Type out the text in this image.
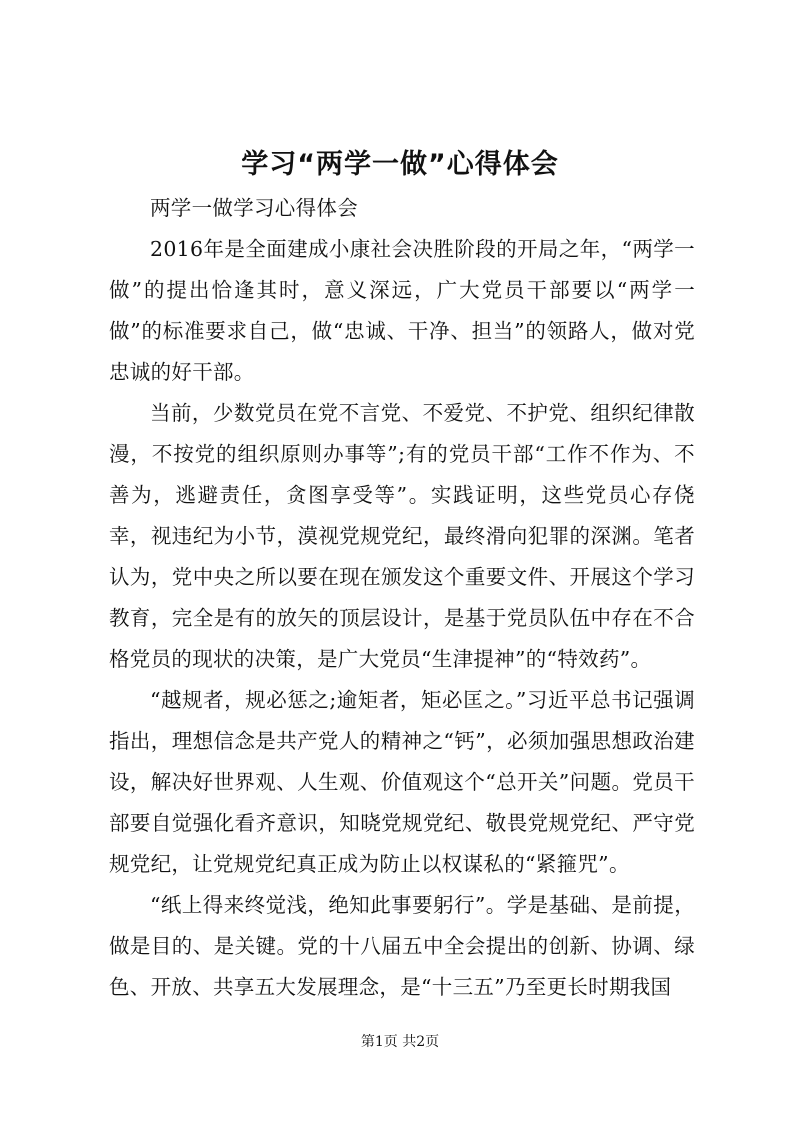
学习“两学一做”心得体会

两学一做学习心得体会

2016年是全面建成小康社会决胜阶段的开局之年，“两学一做”的提出恰逢其时，意义深远，广大党员干部要以“两学一做”的标准要求自己，做“忠诚、干净、担当”的领路人，做对党忠诚的好干部。

当前，少数党员在党不言党、不爱党、不护党、组织纪律散漫，不按党的组织原则办事等”;有的党员干部“工作不作为、不善为，逃避责任，贪图享受等”。实践证明，这些党员心存侥幸，视违纪为小节，漠视党规党纪，最终滑向犯罪的深渊。笔者认为，党中央之所以要在现在颁发这个重要文件、开展这个学习教育，完全是有的放矢的顶层设计，是基于党员队伍中存在不合格党员的现状的决策，是广大党员“生津提神”的“特效药”。

“越规者，规必惩之;逾矩者，矩必匡之。”习近平总书记强调指出，理想信念是共产党人的精神之“钙”，必须加强思想政治建设，解决好世界观、人生观、价值观这个“总开关”问题。党员干部要自觉强化看齐意识，知晓党规党纪、敬畏党规党纪、严守党规党纪，让党规党纪真正成为防止以权谋私的“紧箍咒”。

“纸上得来终觉浅，绝知此事要躬行”。学是基础、是前提，做是目的、是关键。党的十八届五中全会提出的创新、协调、绿色、开放、共享五大发展理念，是“十三五”乃至更长时期我国

第1页 共2页
